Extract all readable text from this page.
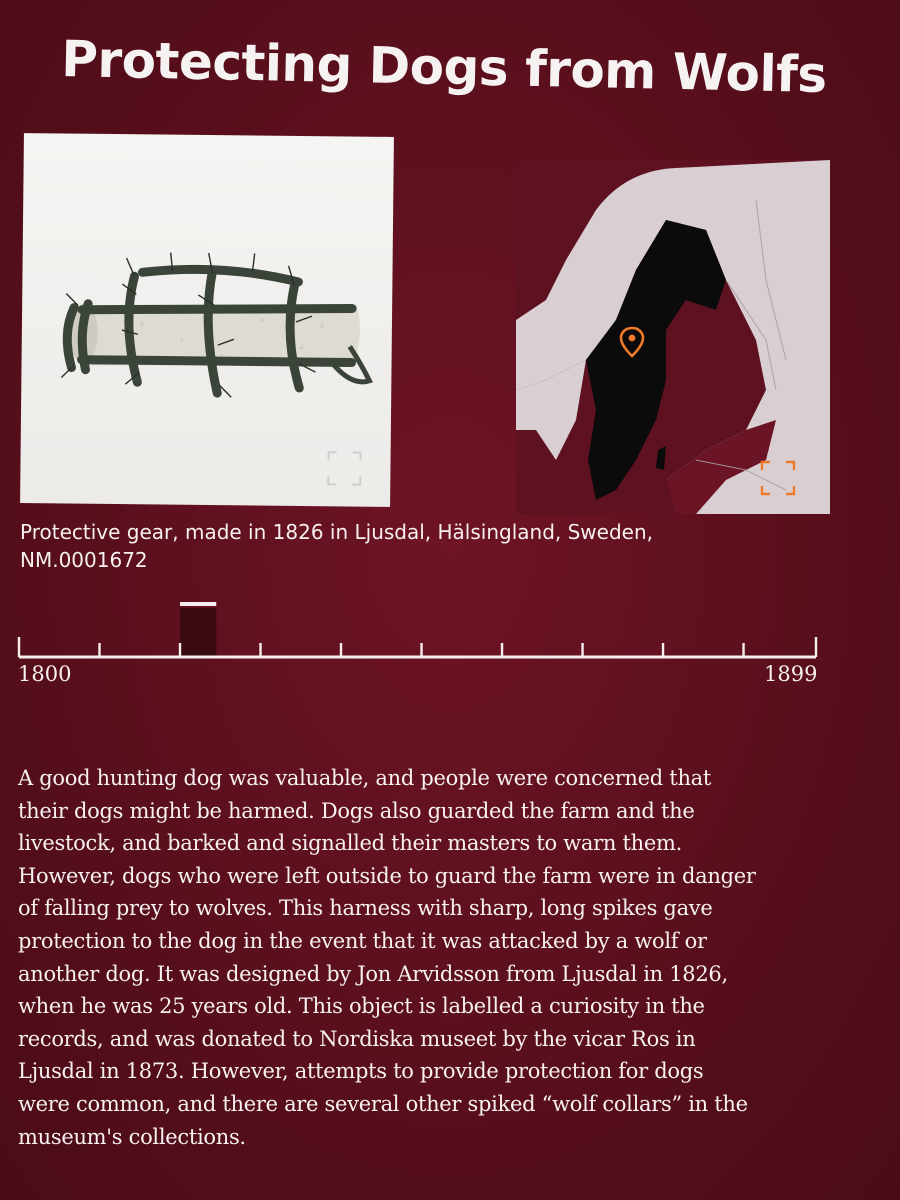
Protecting Dogs from Wolfs
Protective gear, made in 1826 in Ljusdal, Hälsingland, Sweden,
NM.0001672
1800	1899
A good hunting dog was valuable, and people were concerned that
their dogs might be harmed. Dogs also guarded the farm and the
livestock, and barked and signalled their masters to warn them.
However, dogs who were left outside to guard the farm were in danger
of falling prey to wolves. This harness with sharp, long spikes gave
protection to the dog in the event that it was attacked by a wolf or
another dog. It was designed by Jon Arvidsson from Ljusdal in 1826,
when he was 25 years old. This object is labelled a curiosity in the
records, and was donated to Nordiska museet by the vicar Ros in
Ljusdal in 1873. However, attempts to provide protection for dogs
were common, and there are several other spiked “wolf collars” in the
museum's collections.
